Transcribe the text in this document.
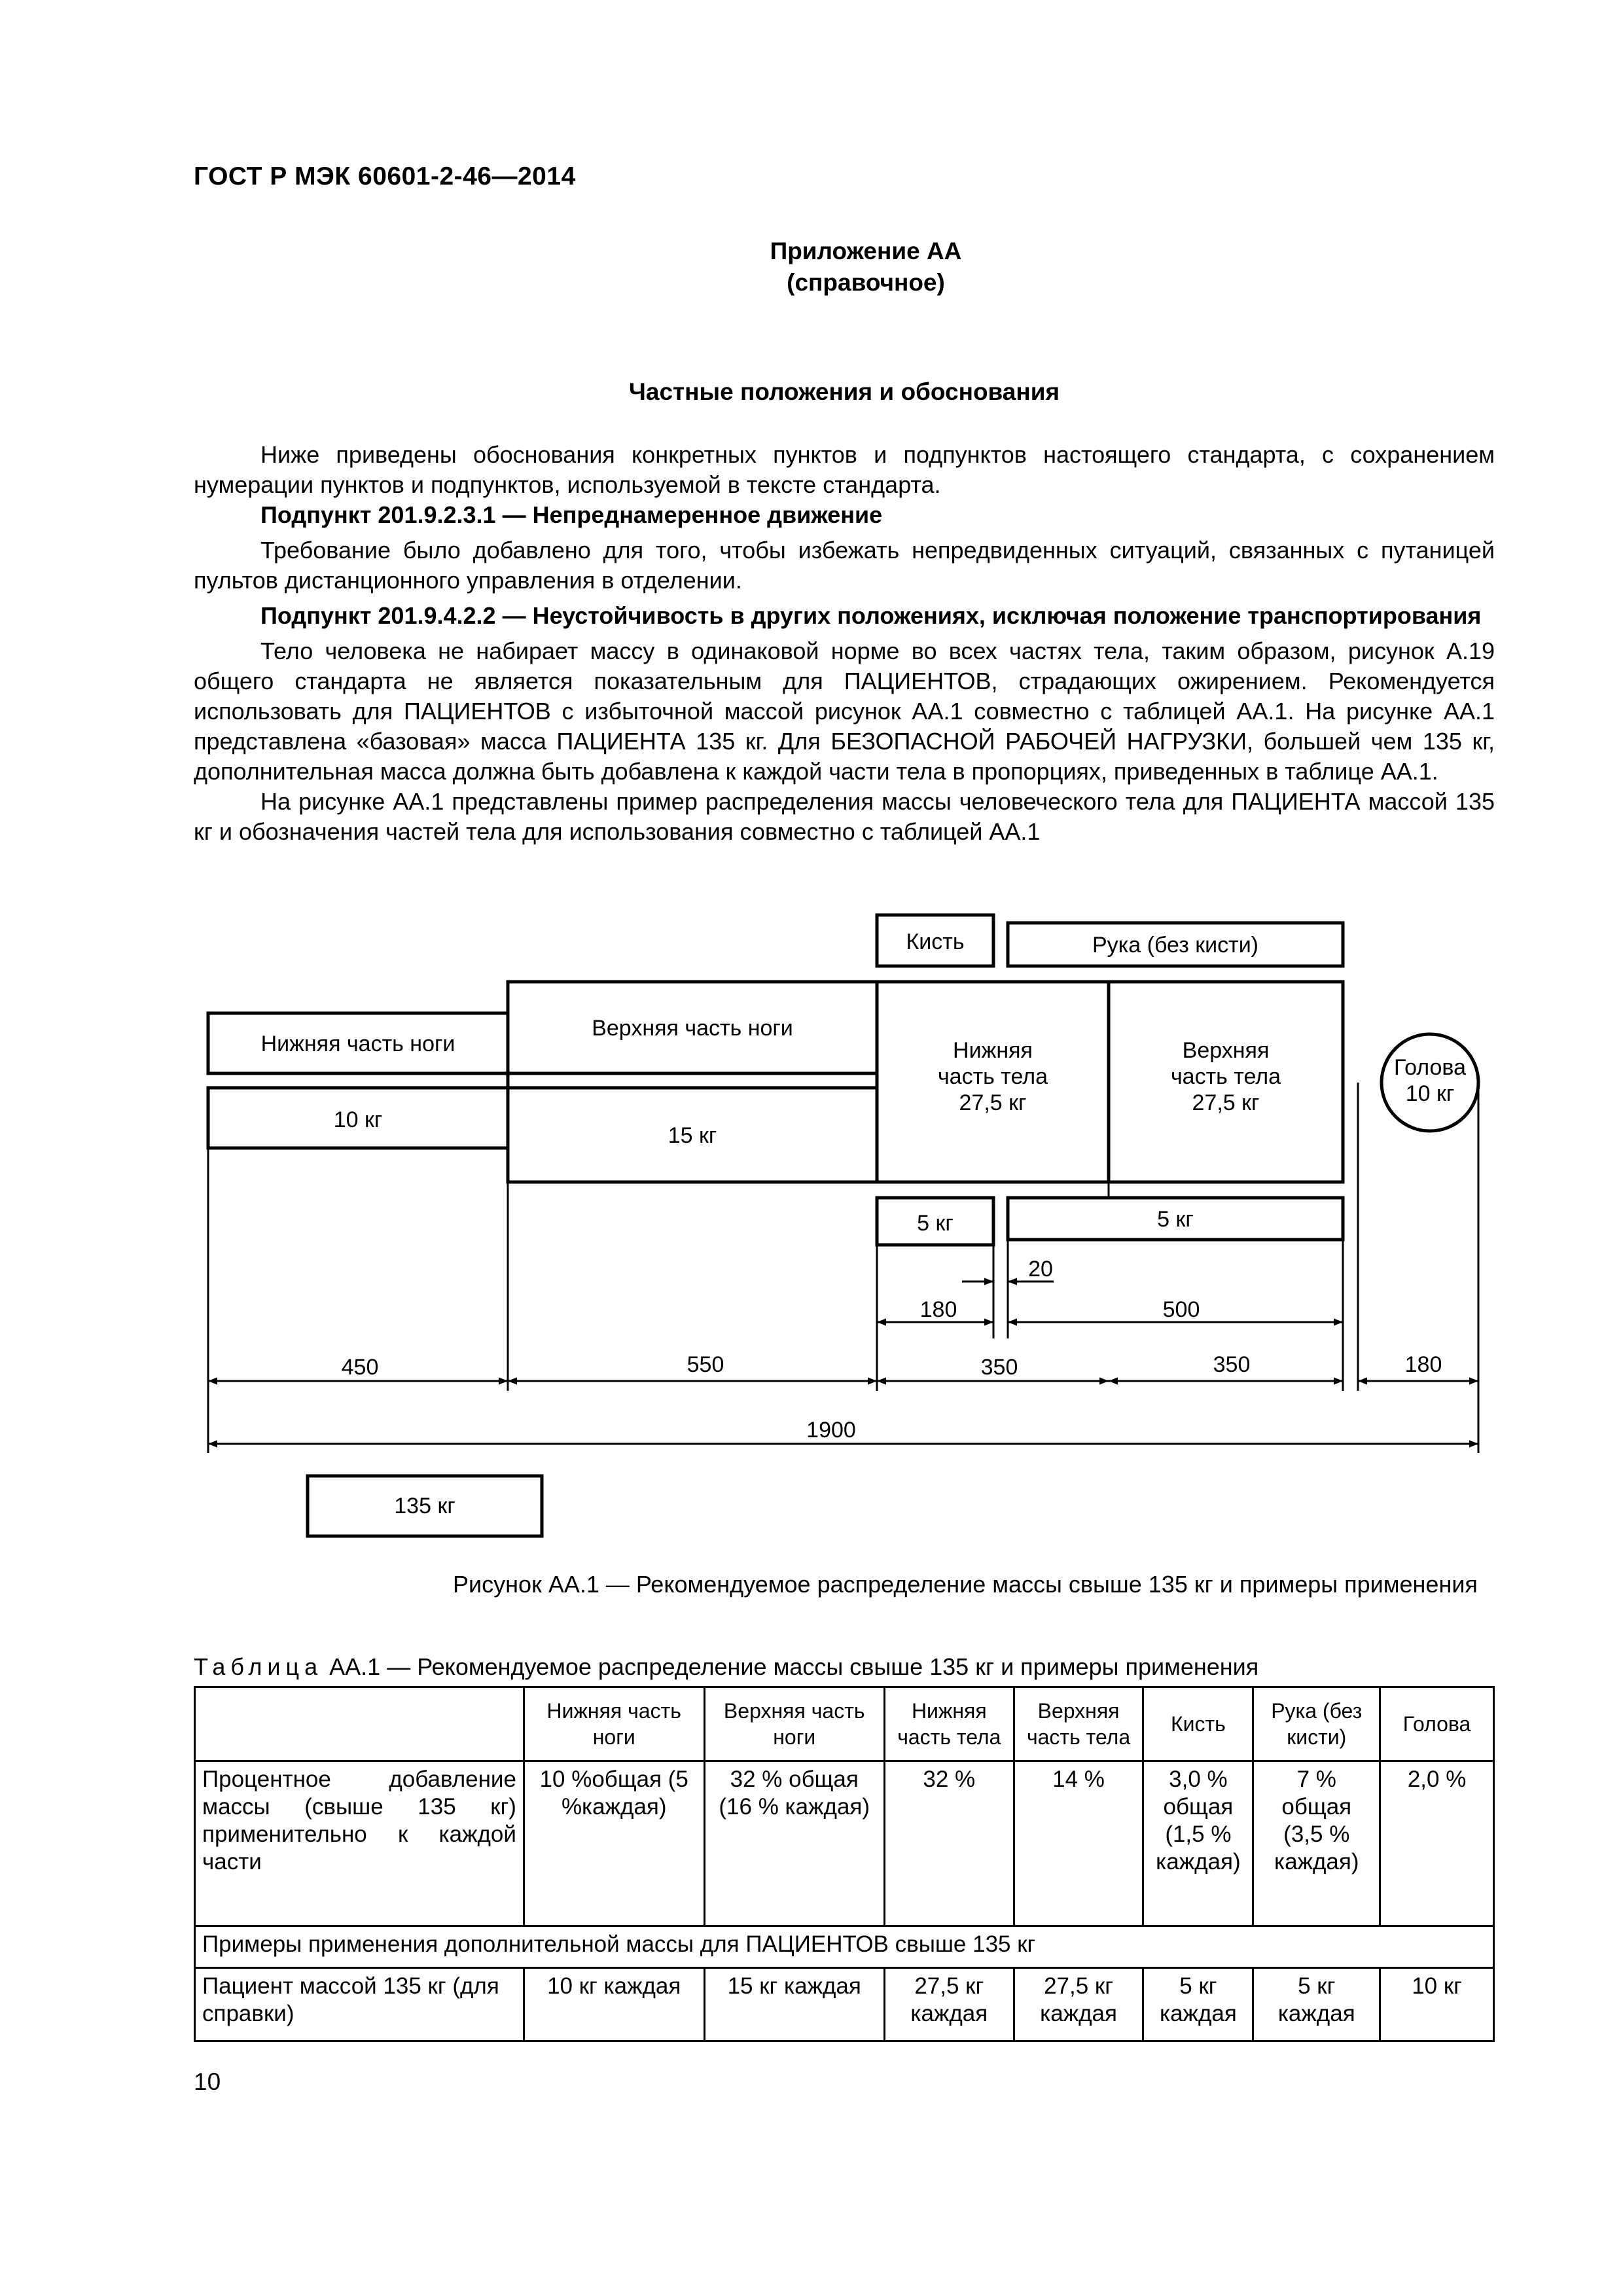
ГОСТ Р МЭК 60601-2-46—2014
Приложение АА
(справочное)
Частные положения и обоснования

Ниже приведены обоснования конкретных пунктов и подпунктов настоящего стандарта, с сохранением нумерации пунктов и подпунктов, используемой в тексте стандарта.

Подпункт 201.9.2.3.1 — Непреднамеренное движение

Требование было добавлено для того, чтобы избежать непредвиденных ситуаций, связанных с путаницей пультов дистанционного управления в отделении.

Подпункт 201.9.4.2.2 — Неустойчивость в других положениях, исключая положение транспортирования

Тело человека не набирает массу в одинаковой норме во всех частях тела, таким образом, рисунок А.19 общего стандарта не является показательным для ПАЦИЕНТОВ, страдающих ожирением. Рекомендуется использовать для ПАЦИЕНТОВ с избыточной массой рисунок АА.1 совместно с таблицей АА.1. На рисунке АА.1 представлена «базовая» масса ПАЦИЕНТА 135 кг. Для БЕЗОПАСНОЙ РАБОЧЕЙ НАГРУЗКИ, большей чем 135 кг, дополнительная масса должна быть добавлена к каждой части тела в пропорциях, приведенных в таблице АА.1.

На рисунке АА.1 представлены пример распределения массы человеческого тела для ПАЦИЕНТА массой 135 кг и обозначения частей тела для использования совместно с таблицей АА.1

Кисть	Рука (без кисти)
Нижняя часть ноги
Верхняя часть ноги
Нижняя
часть тела
27,5 кг
Верхняя
часть тела
27,5 кг
Голова
10 кг
10 кг
15 кг
5 кг	5 кг
135 кг
20
180	500
450	550	350	350	180
1900
Рисунок АА.1 — Рекомендуемое распределение массы свыше 135 кг и примеры применения
Таблица АА.1 — Рекомендуемое распределение массы свыше 135 кг и примеры применения
	Нижняя часть ноги	Верхняя часть ноги	Нижняя часть тела	Верхняя часть тела	Кисть	Рука (без кисти)	Голова
Процентное добавление массы (свыше 135 кг) применительно к каждой части	10 %общая (5 %каждая)	32 % общая (16 % каждая)	32 %	14 %	3,0 % общая (1,5 % каждая)	7 % общая (3,5 % каждая)	2,0 %
Примеры применения дополнительной массы для ПАЦИЕНТОВ свыше 135 кг							
Пациент массой 135 кг (для справки)	10 кг каждая	15 кг каждая	27,5 кг каждая	27,5 кг каждая	5 кг каждая	5 кг каждая	10 кг
10
